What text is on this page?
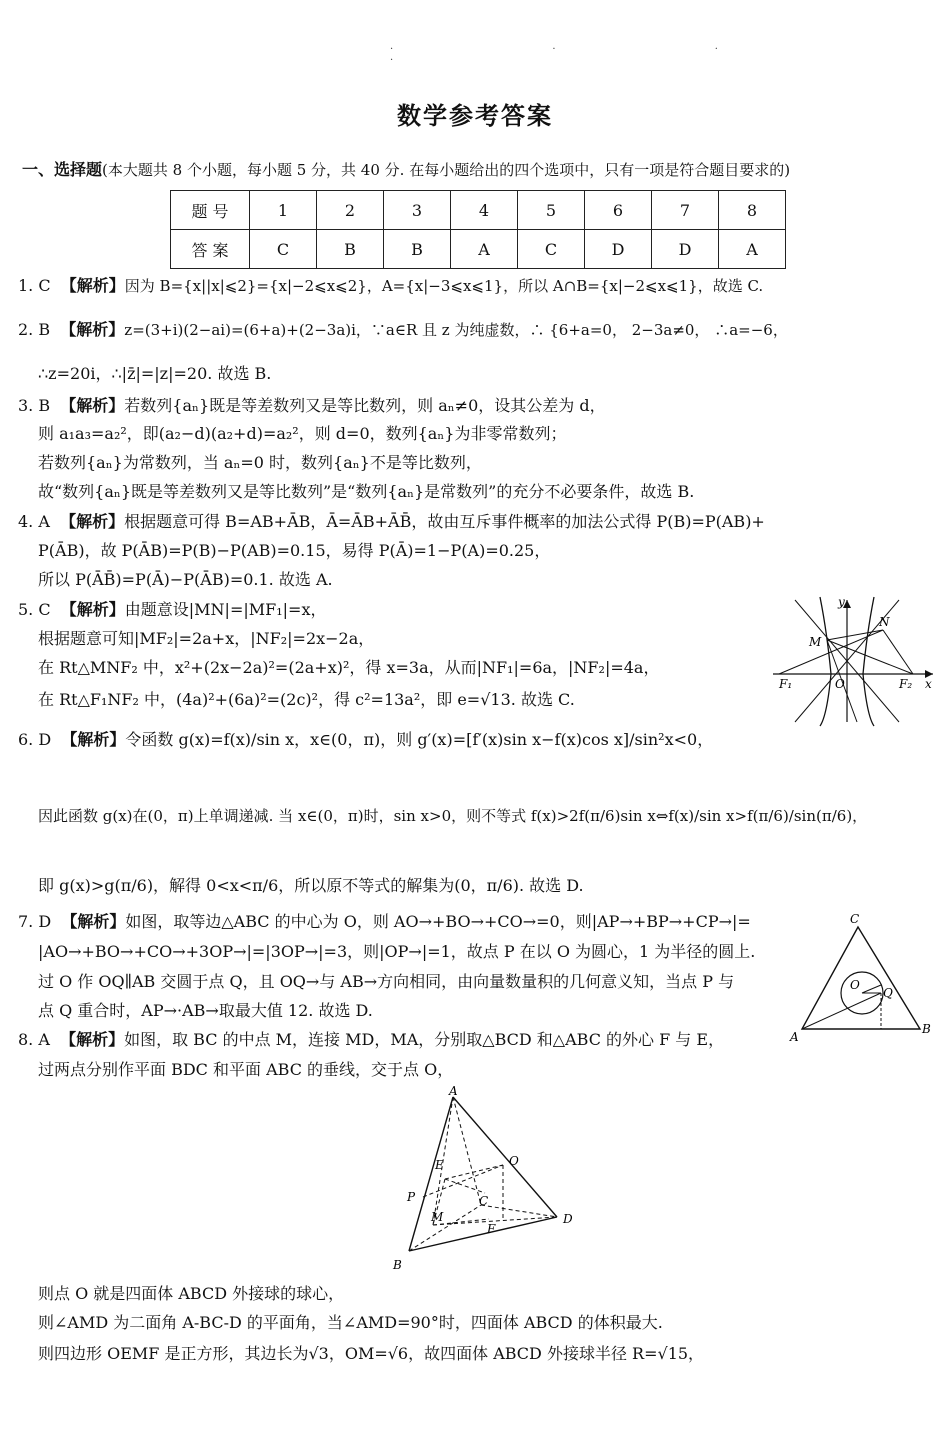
· · · ·
数学参考答案
一、选择题(本大题共 8 个小题，每小题 5 分，共 40 分. 在每小题给出的四个选项中，只有一项是符合题目要求的)
题 号	1	2	3	4	5	6	7	8
答 案	C	B	B	A	C	D	D	A
1. C 【解析】因为 B={x||x|⩽2}={x|−2⩽x⩽2}，A={x|−3⩽x⩽1}，所以 A∩B={x|−2⩽x⩽1}，故选 C.
2. B 【解析】z=(3+i)(2−ai)=(6+a)+(2−3a)i，∵a∈R 且 z 为纯虚数，∴ {6+a=0， 2−3a≠0， ∴a=−6，
∴z=20i，∴|z̄|=|z|=20. 故选 B.
3. B 【解析】若数列{aₙ}既是等差数列又是等比数列，则 aₙ≠0，设其公差为 d，
则 a₁a₃=a₂²，即(a₂−d)(a₂+d)=a₂²，则 d=0，数列{aₙ}为非零常数列；
若数列{aₙ}为常数列，当 aₙ=0 时，数列{aₙ}不是等比数列，
故“数列{aₙ}既是等差数列又是等比数列”是“数列{aₙ}是常数列”的充分不必要条件，故选 B.
4. A 【解析】根据题意可得 B=AB+ĀB，Ā=ĀB+ĀB̄，故由互斥事件概率的加法公式得 P(B)=P(AB)+
P(ĀB)，故 P(ĀB)=P(B)−P(AB)=0.15，易得 P(Ā)=1−P(A)=0.25，
所以 P(ĀB̄)=P(Ā)−P(ĀB)=0.1. 故选 A.
5. C 【解析】由题意设|MN|=|MF₁|=x，
根据题意可知|MF₂|=2a+x，|NF₂|=2x−2a，
在 Rt△MNF₂ 中，x²+(2x−2a)²=(2a+x)²，得 x=3a，从而|NF₁|=6a，|NF₂|=4a，
在 Rt△F₁NF₂ 中，(4a)²+(6a)²=(2c)²，得 c²=13a²，即 e=√13. 故选 C.
y
x
M
N
O
F₁	F₂
6. D 【解析】令函数 g(x)=f(x)/sin x，x∈(0，π)，则 g′(x)=[f′(x)sin x−f(x)cos x]/sin²x<0，
因此函数 g(x)在(0，π)上单调递减. 当 x∈(0，π)时，sin x>0，则不等式 f(x)>2f(π/6)sin x⇔f(x)/sin x>f(π/6)/sin(π/6)，
即 g(x)>g(π/6)，解得 0<x<π/6，所以原不等式的解集为(0，π/6). 故选 D.
7. D 【解析】如图，取等边△ABC 的中心为 O，则 AO→+BO→+CO→=0，则|AP→+BP→+CP→|=
|AO→+BO→+CO→+3OP→|=|3OP→|=3，则|OP→|=1，故点 P 在以 O 为圆心，1 为半径的圆上.
过 O 作 OQ∥AB 交圆于点 Q，且 OQ→与 AB→方向相同，由向量数量积的几何意义知，当点 P 与
点 Q 重合时，AP→·AB→取最大值 12. 故选 D.
C
O
Q
A
B
8. A 【解析】如图，取 BC 的中点 M，连接 MD，MA，分别取△BCD 和△ABC 的外心 F 与 E，
过两点分别作平面 BDC 和平面 ABC 的垂线，交于点 O，
A
E	O
P	C
M
F
D
B
则点 O 就是四面体 ABCD 外接球的球心，
则∠AMD 为二面角 A-BC-D 的平面角，当∠AMD=90°时，四面体 ABCD 的体积最大.
则四边形 OEMF 是正方形，其边长为√3，OM=√6，故四面体 ABCD 外接球半径 R=√15，
